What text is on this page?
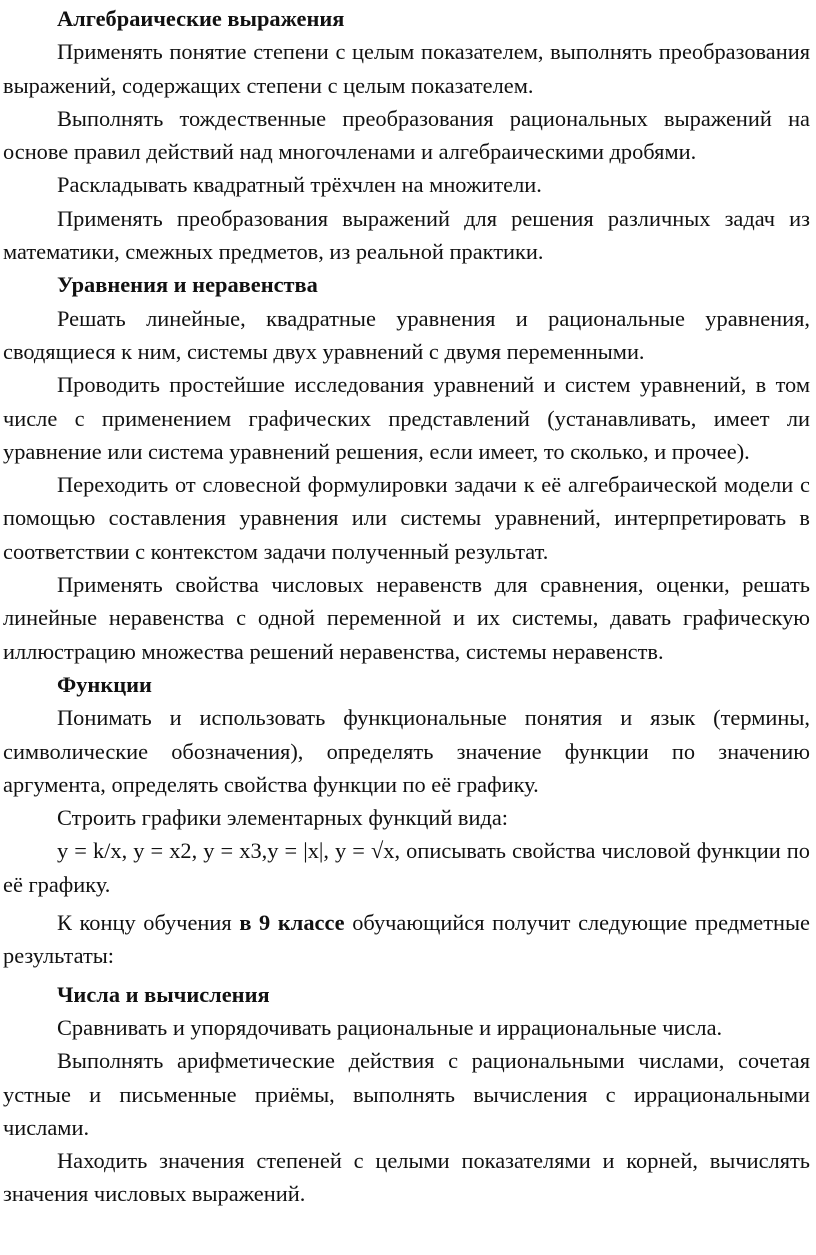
Алгебраические выражения

Применять понятие степени с целым показателем, выполнять преобразования выражений, содержащих степени с целым показателем.

Выполнять тождественные преобразования рациональных выражений на основе правил действий над многочленами и алгебраическими дробями.

Раскладывать квадратный трёхчлен на множители.

Применять преобразования выражений для решения различных задач из математики, смежных предметов, из реальной практики.

Уравнения и неравенства

Решать линейные, квадратные уравнения и рациональные уравнения, сводящиеся к ним, системы двух уравнений с двумя переменными.

Проводить простейшие исследования уравнений и систем уравнений, в том числе с применением графических представлений (устанавливать, имеет ли уравнение или система уравнений решения, если имеет, то сколько, и прочее).

Переходить от словесной формулировки задачи к её алгебраической модели с помощью составления уравнения или системы уравнений, интерпретировать в соответствии с контекстом задачи полученный результат.

Применять свойства числовых неравенств для сравнения, оценки, решать линейные неравенства с одной переменной и их системы, давать графическую иллюстрацию множества решений неравенства, системы неравенств.

Функции

Понимать и использовать функциональные понятия и язык (термины, символические обозначения), определять значение функции по значению аргумента, определять свойства функции по её графику.

Строить графики элементарных функций вида:

y = k/x, y = x2, y = x3,y = |x|, y = √x, описывать свойства числовой функции по её графику.

К концу обучения в 9 классе обучающийся получит следующие предметные результаты:

Числа и вычисления

Сравнивать и упорядочивать рациональные и иррациональные числа.

Выполнять арифметические действия с рациональными числами, сочетая устные и письменные приёмы, выполнять вычисления с иррациональными числами.

Находить значения степеней с целыми показателями и корней, вычислять значения числовых выражений.
